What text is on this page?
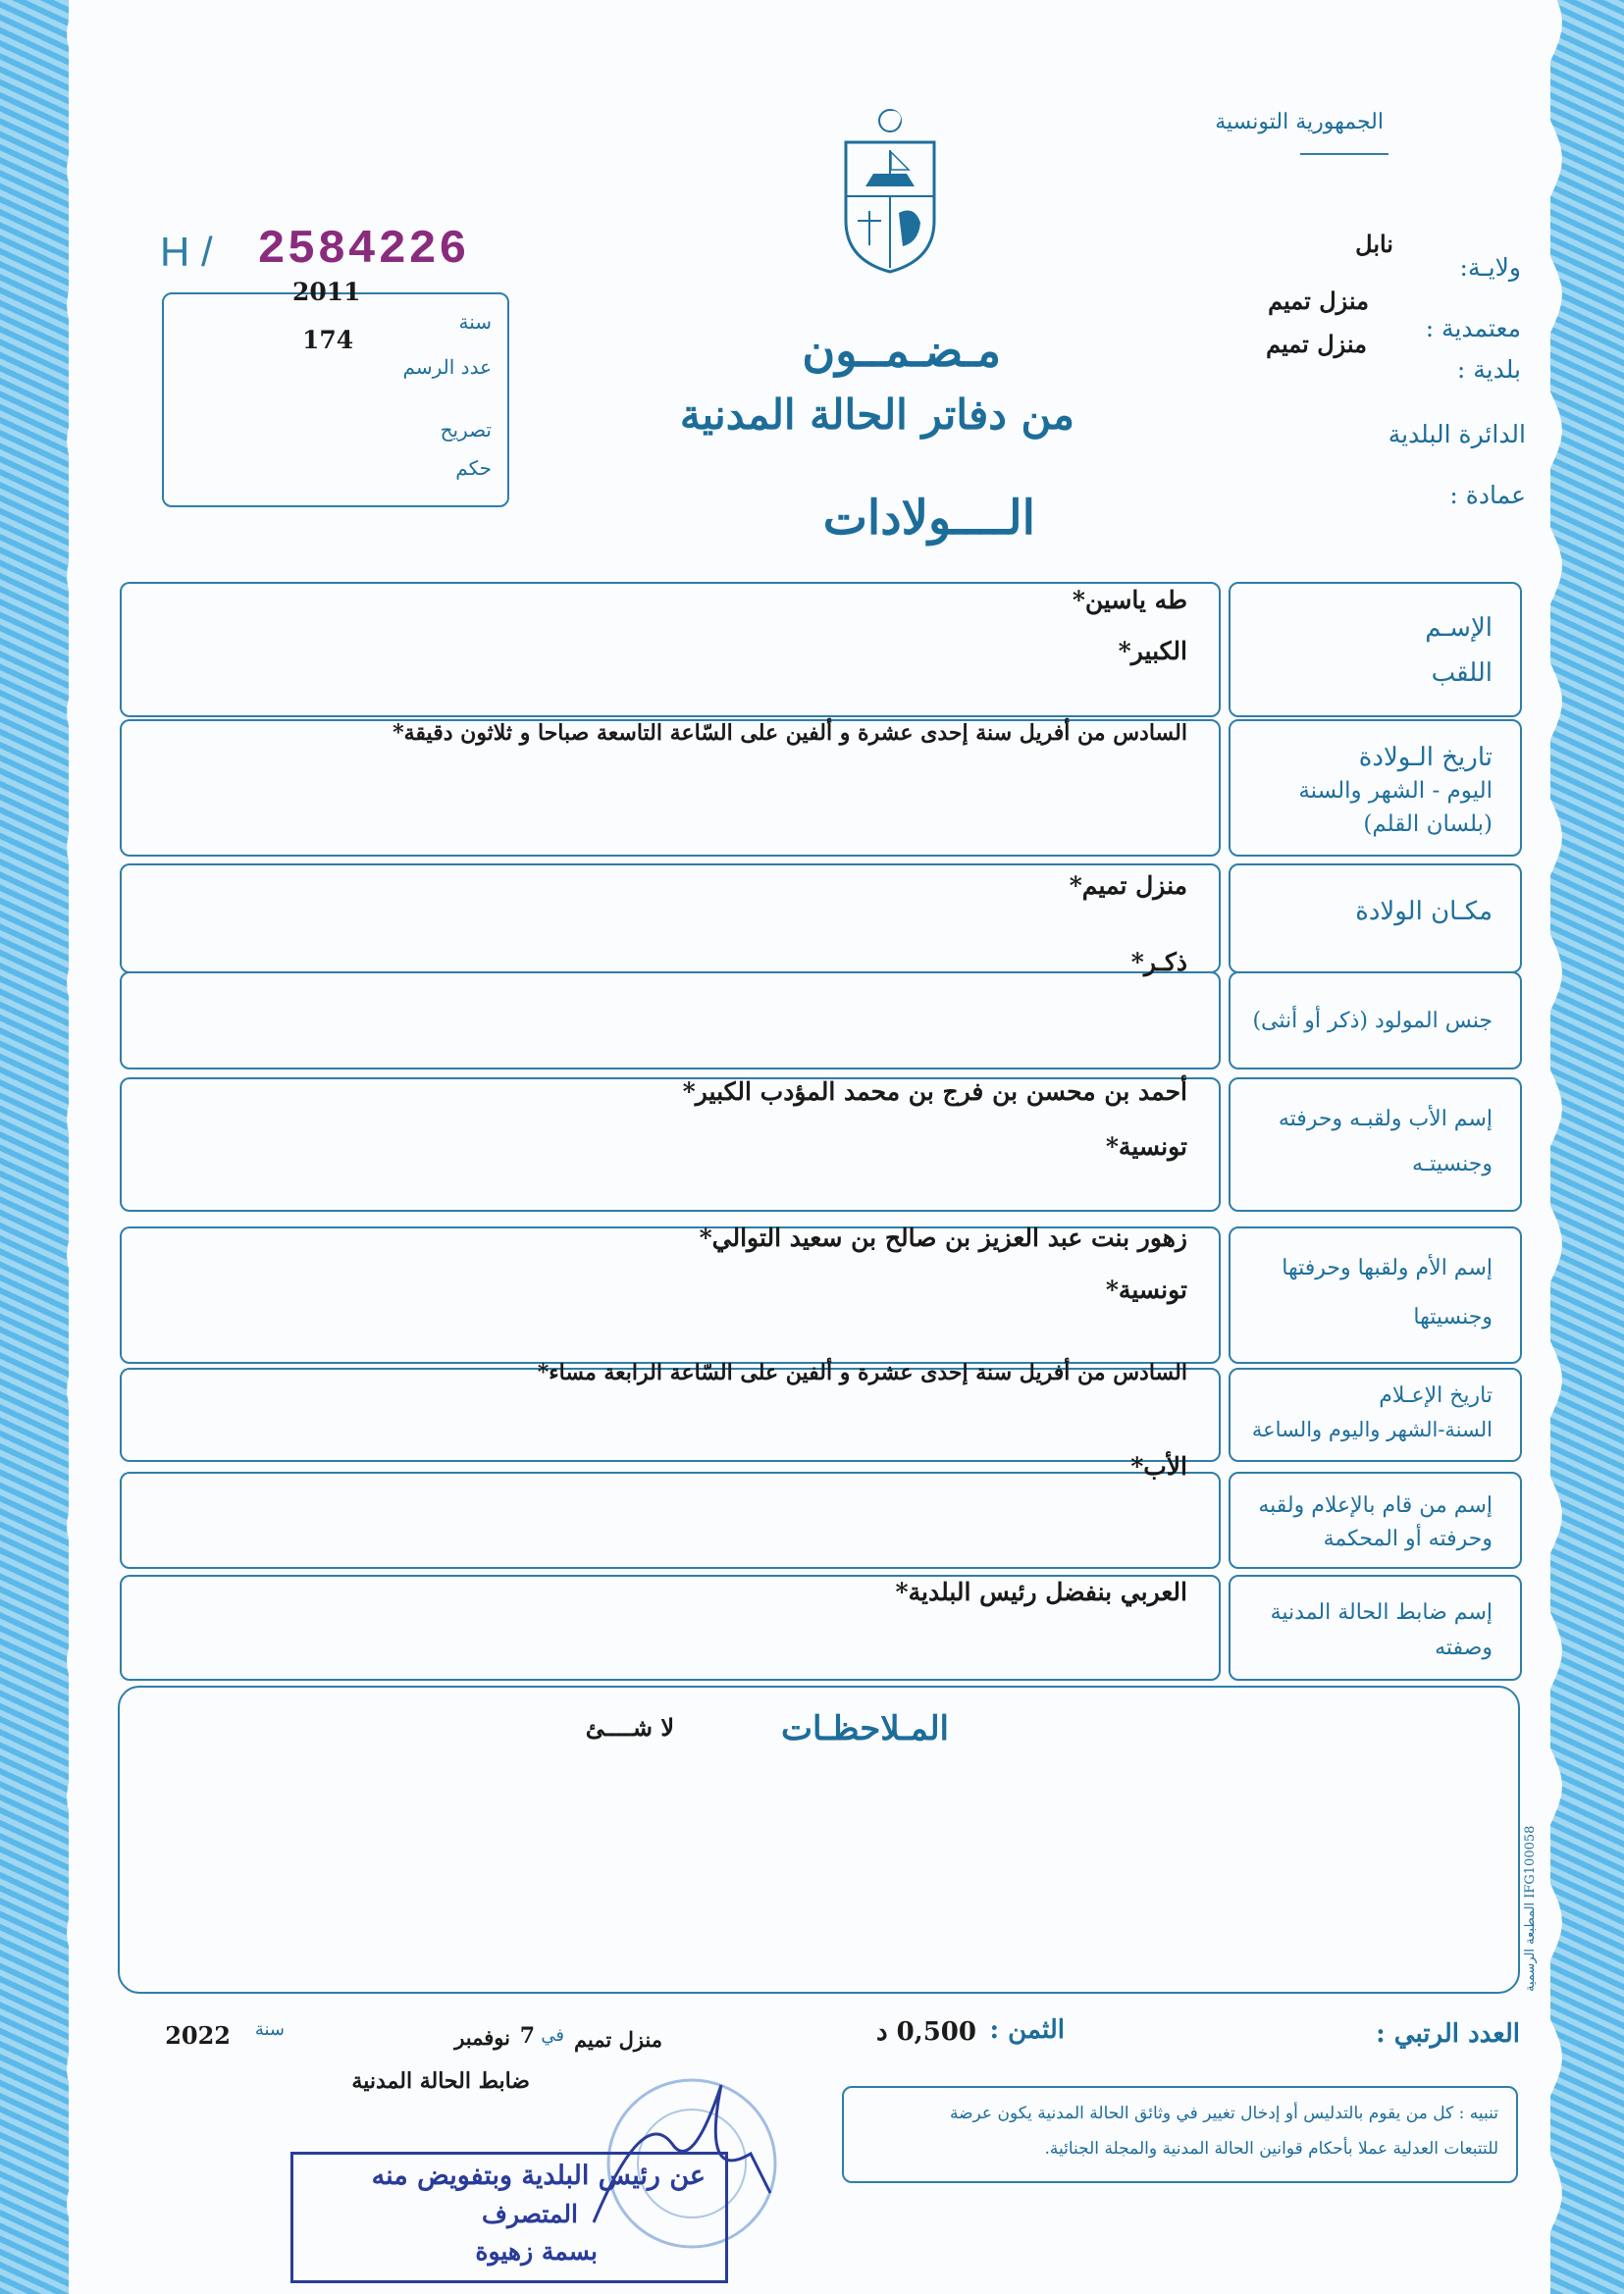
الجمهورية التونسية
ولايـة:
نابل
معتمدية :
منزل تميم
بلدية :
منزل تميم
الدائرة البلدية
عمادة :
H / 2584226
سنة
عدد الرسم
تصريح
حكم
2011
174	مـضـمــون
من دفاتر الحالة المدنية
الــــولادات
الإسـم
اللقب
طه ياسين*
الكبير*
تاريخ الـولادة
اليوم - الشهر والسنة
(بلسان القلم)
السادس من أفريل سنة إحدى عشرة و ألفين على السّاعة التاسعة صباحا و ثلاثون دقيقة*
مكـان الولادة
منزل تميم*
جنس المولود (ذكر أو أنثى)
ذكـر*
إسم الأب ولقبـه وحرفته
وجنسيتـه
أحمد بن محسن بن فرج بن محمد المؤدب الكبير*
تونسية*
إسم الأم ولقبها وحرفتها
وجنسيتها
زهور بنت عبد العزيز بن صالح بن سعيد التوالي*
تونسية*
تاريخ الإعـلام
السنة-الشهر واليوم والساعة
السادس من أفريل سنة إحدى عشرة و ألفين على السّاعة الرابعة مساء*
إسم من قام بالإعلام ولقبه
وحرفته أو المحكمة
الأب*
إسم ضابط الحالة المدنية
وصفته
العربي بنفضل رئيس البلدية*
المـلاحظـات
لا شــــئ
المطبعة الرسمية IFG100058
العدد الرتبي :
الثمن :
0,500 د
منزل تميم
في
7
نوفمبر
سنة
2022
ضابط الحالة المدنية
تنبيه : كل من يقوم بالتدليس أو إدخال تغيير في وثائق الحالة المدنية يكون عرضة
للتتبعات العدلية عملا بأحكام قوانين الحالة المدنية والمجلة الجنائية.
عن رئيس البلدية وبتفويض منه
المتصرف
بسمة زهيوة
